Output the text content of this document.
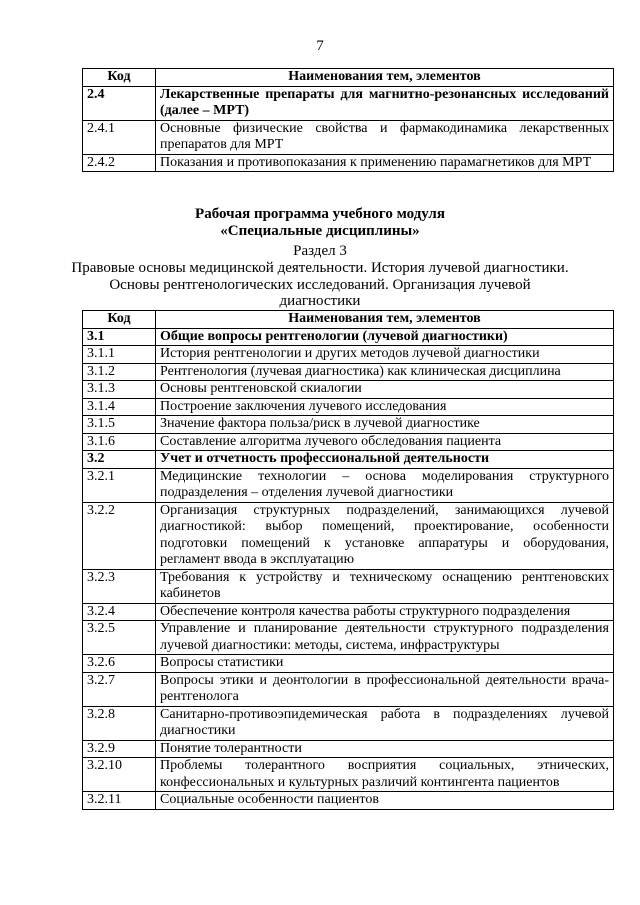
7
Код	Наименования тем, элементов
2.4	Лекарственные препараты для магнитно-резонансных исследований (далее – МРТ)
2.4.1	Основные физические свойства и фармакодинамика лекарственных препаратов для МРТ
2.4.2	Показания и противопоказания к применению парамагнетиков для МРТ
Рабочая программа учебного модуля
«Специальные дисциплины»
Раздел 3
Правовые основы медицинской деятельности. История лучевой диагностики.
Основы рентгенологических исследований. Организация лучевой
диагностики
Код	Наименования тем, элементов
3.1	Общие вопросы рентгенологии (лучевой диагностики)
3.1.1	История рентгенологии и других методов лучевой диагностики
3.1.2	Рентгенология (лучевая диагностика) как клиническая дисциплина
3.1.3	Основы рентгеновской скиалогии
3.1.4	Построение заключения лучевого исследования
3.1.5	Значение фактора польза/риск в лучевой диагностике
3.1.6	Составление алгоритма лучевого обследования пациента
3.2	Учет и отчетность профессиональной деятельности
3.2.1	Медицинские технологии – основа моделирования структурного подразделения – отделения лучевой диагностики
3.2.2	Организация структурных подразделений, занимающихся лучевой диагностикой: выбор помещений, проектирование, особенности подготовки помещений к установке аппаратуры и оборудования, регламент ввода в эксплуатацию
3.2.3	Требования к устройству и техническому оснащению рентгеновских кабинетов
3.2.4	Обеспечение контроля качества работы структурного подразделения
3.2.5	Управление и планирование деятельности структурного подразделения лучевой диагностики: методы, система, инфраструктуры
3.2.6	Вопросы статистики
3.2.7	Вопросы этики и деонтологии в профессиональной деятельности врача-рентгенолога
3.2.8	Санитарно-противоэпидемическая работа в подразделениях лучевой диагностики
3.2.9	Понятие толерантности
3.2.10	Проблемы толерантного восприятия социальных, этнических, конфессиональных и культурных различий контингента пациентов
3.2.11	Социальные особенности пациентов
